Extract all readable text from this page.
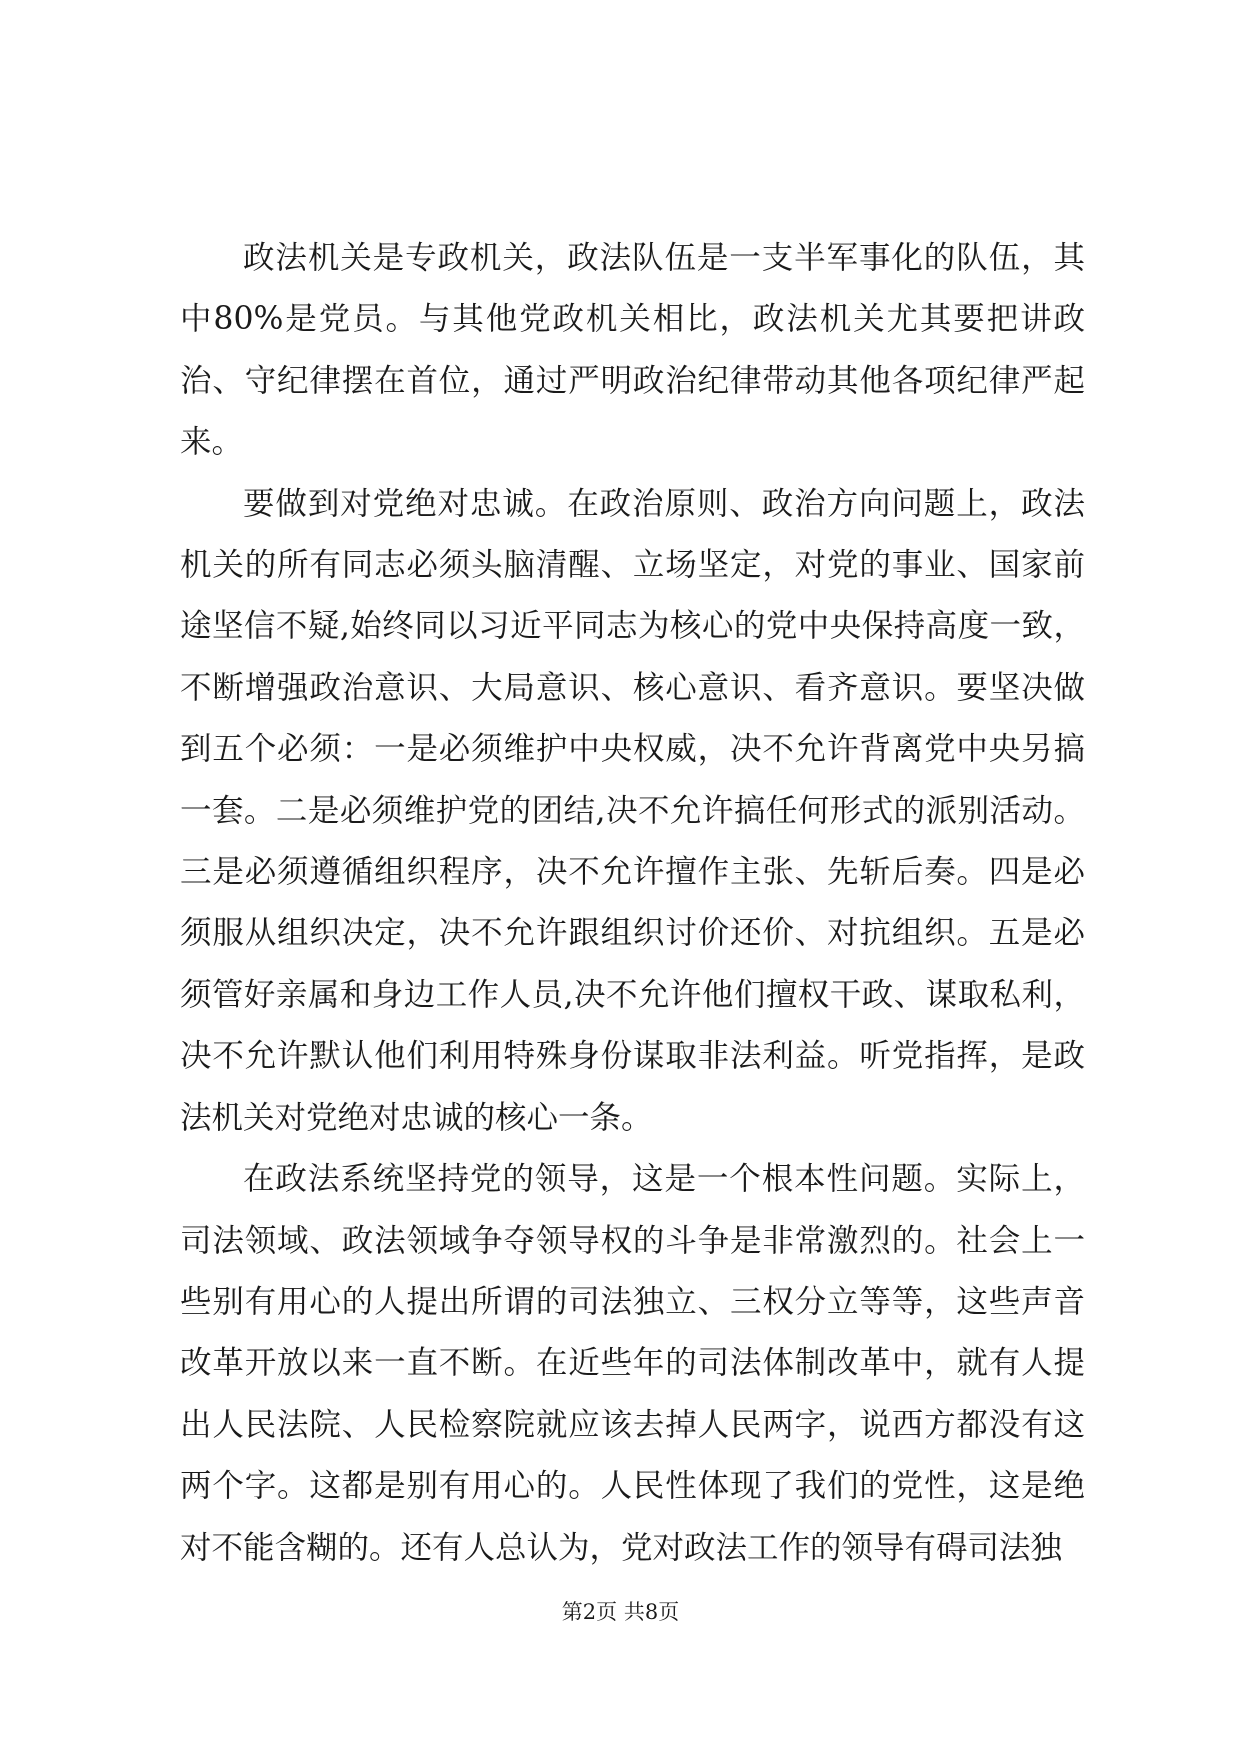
政法机关是专政机关，政法队伍是一支半军事化的队伍，其中80%是党员。与其他党政机关相比，政法机关尤其要把讲政治、守纪律摆在首位，通过严明政治纪律带动其他各项纪律严起来。

要做到对党绝对忠诚。在政治原则、政治方向问题上，政法机关的所有同志必须头脑清醒、立场坚定，对党的事业、国家前途坚信不疑,始终同以习近平同志为核心的党中央保持高度一致，不断增强政治意识、大局意识、核心意识、看齐意识。要坚决做到五个必须：一是必须维护中央权威，决不允许背离党中央另搞一套。二是必须维护党的团结,决不允许搞任何形式的派别活动。三是必须遵循组织程序，决不允许擅作主张、先斩后奏。四是必须服从组织决定，决不允许跟组织讨价还价、对抗组织。五是必须管好亲属和身边工作人员,决不允许他们擅权干政、谋取私利，决不允许默认他们利用特殊身份谋取非法利益。听党指挥，是政法机关对党绝对忠诚的核心一条。

在政法系统坚持党的领导，这是一个根本性问题。实际上，司法领域、政法领域争夺领导权的斗争是非常激烈的。社会上一些别有用心的人提出所谓的司法独立、三权分立等等，这些声音改革开放以来一直不断。在近些年的司法体制改革中，就有人提出人民法院、人民检察院就应该去掉人民两字，说西方都没有这两个字。这都是别有用心的。人民性体现了我们的党性，这是绝对不能含糊的。还有人总认为，党对政法工作的领导有碍司法独

第2页 共8页
